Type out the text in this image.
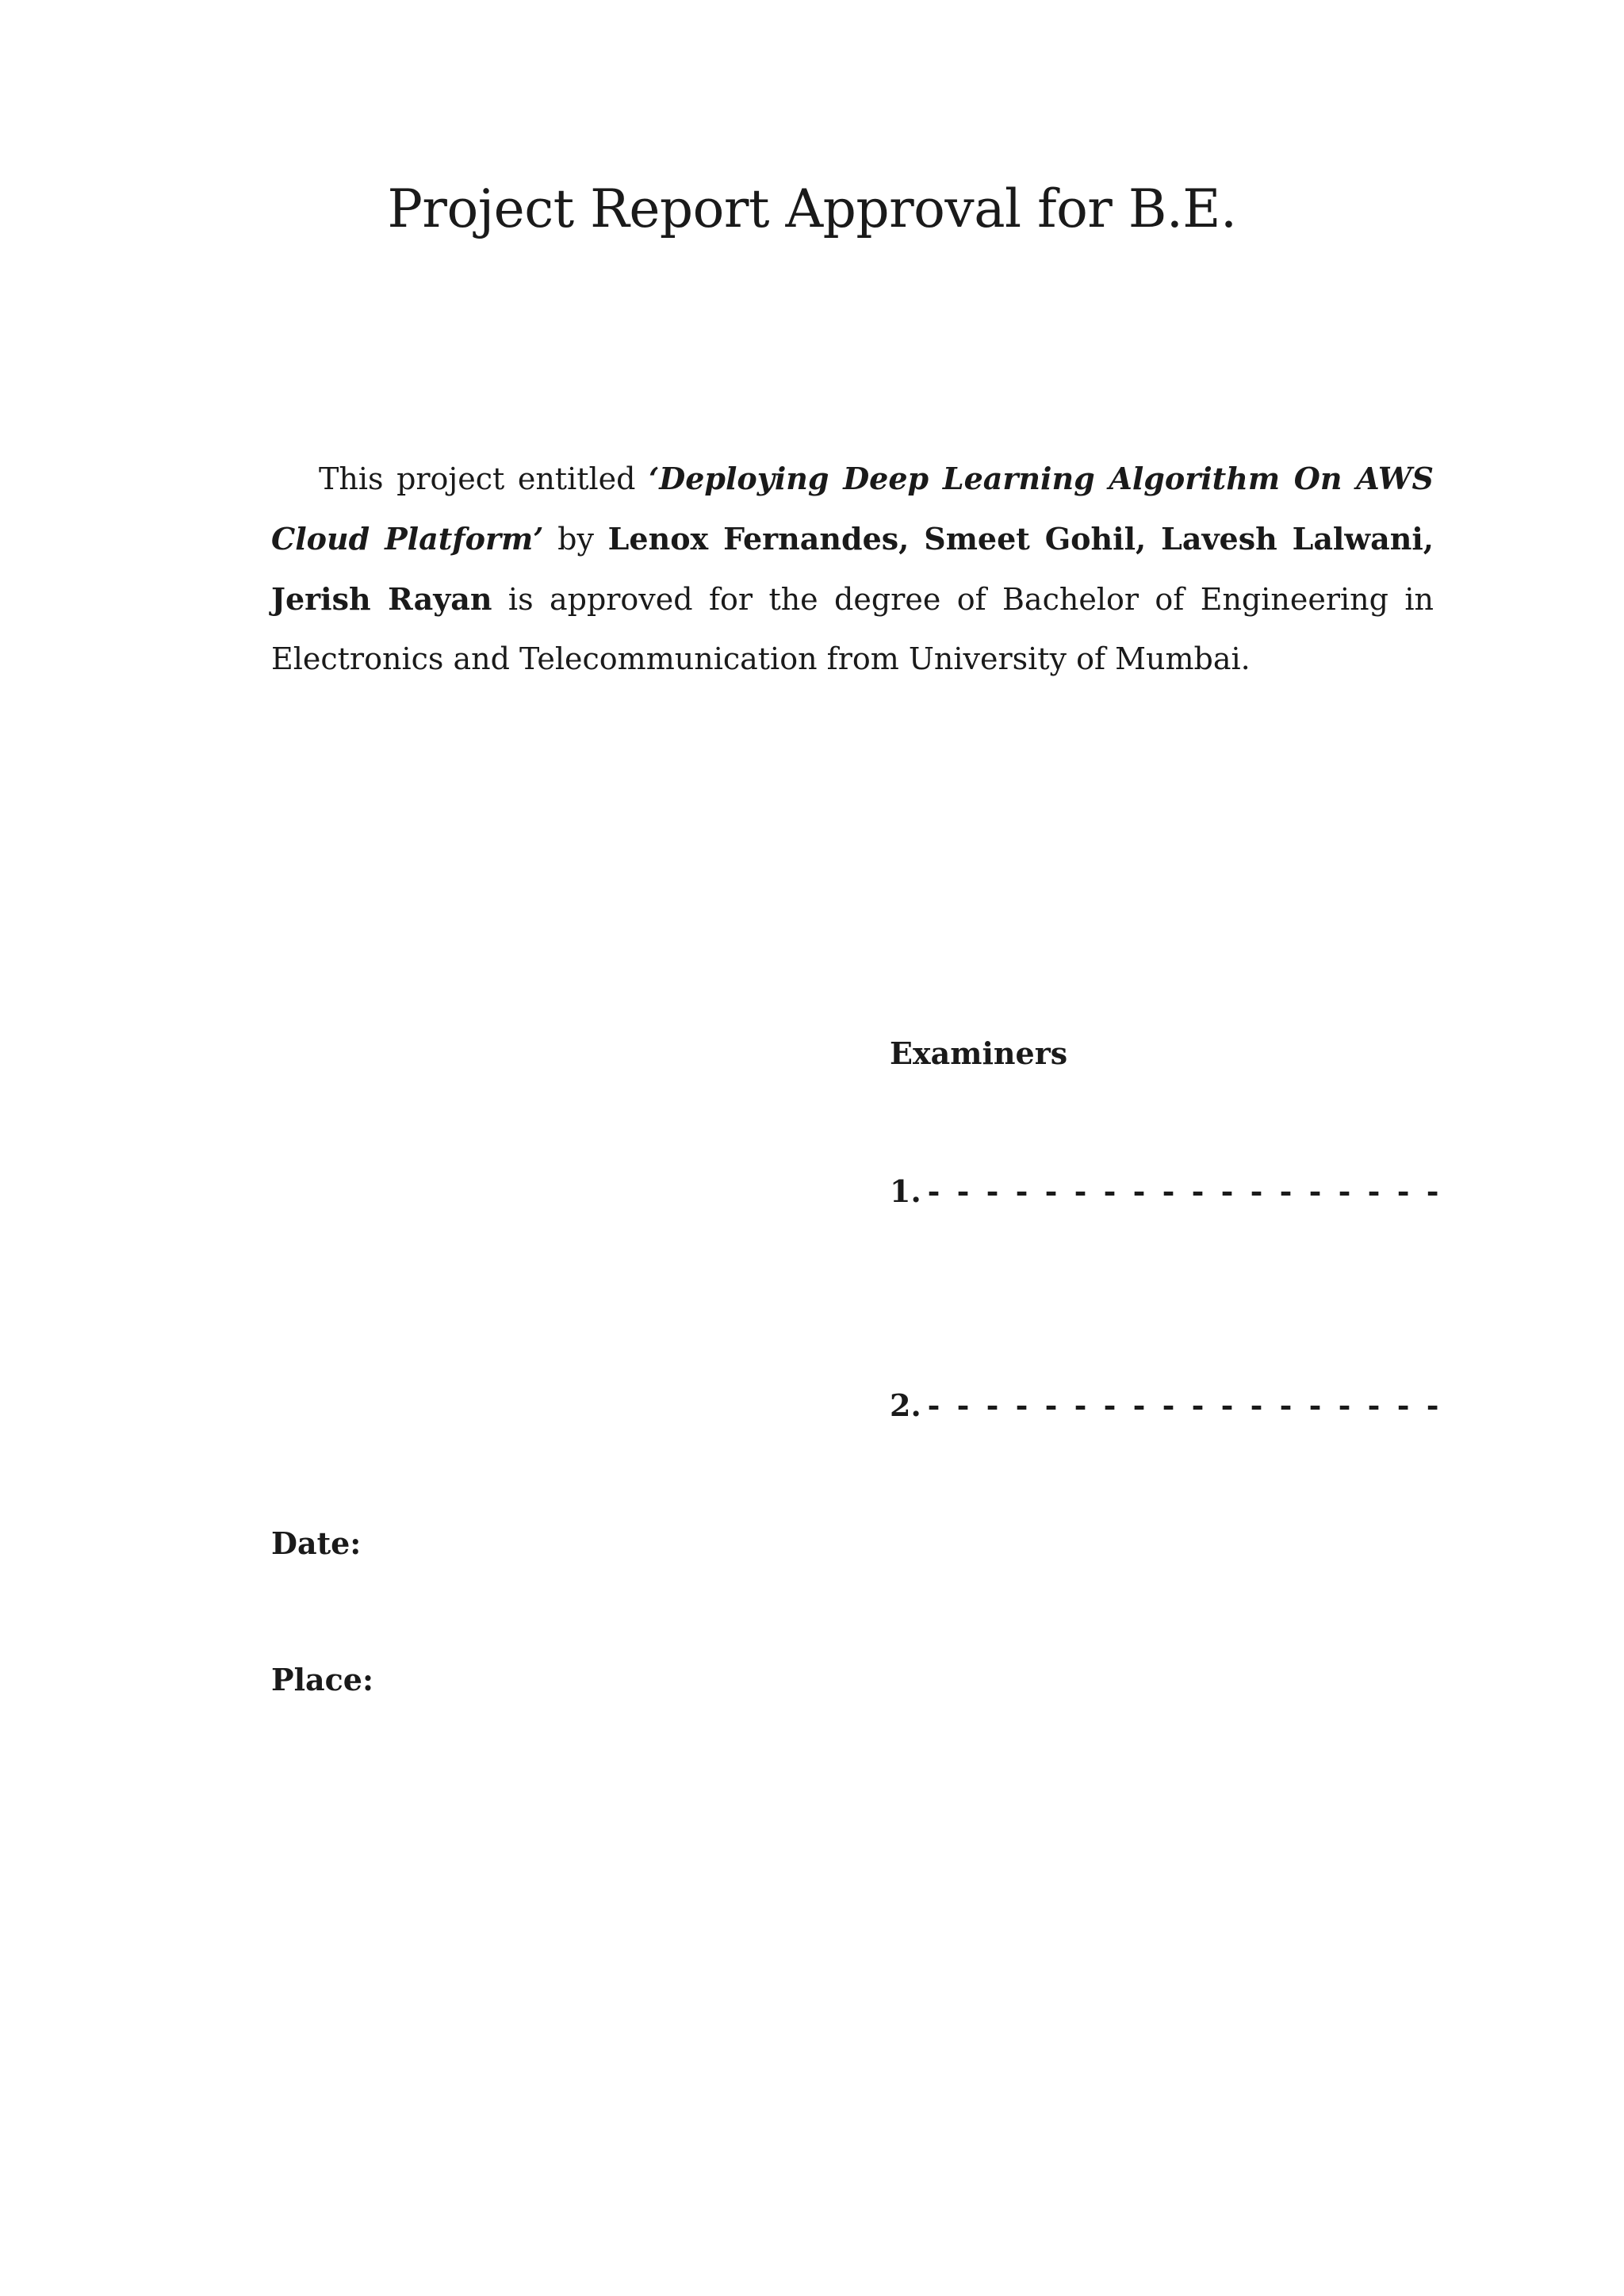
Project Report Approval for B.E.

This project entitled ‘Deploying Deep Learning Algorithm On AWS Cloud Platform’ by Lenox Fernandes, Smeet Gohil, Lavesh Lalwani, Jerish Rayan is approved for the degree of Bachelor of Engineering in Electronics and Telecommunication from University of Mumbai.

Examiners
1. - - - - - - - - - - - - - - - - - -
2. - - - - - - - - - - - - - - - - - -
Date:
Place:
